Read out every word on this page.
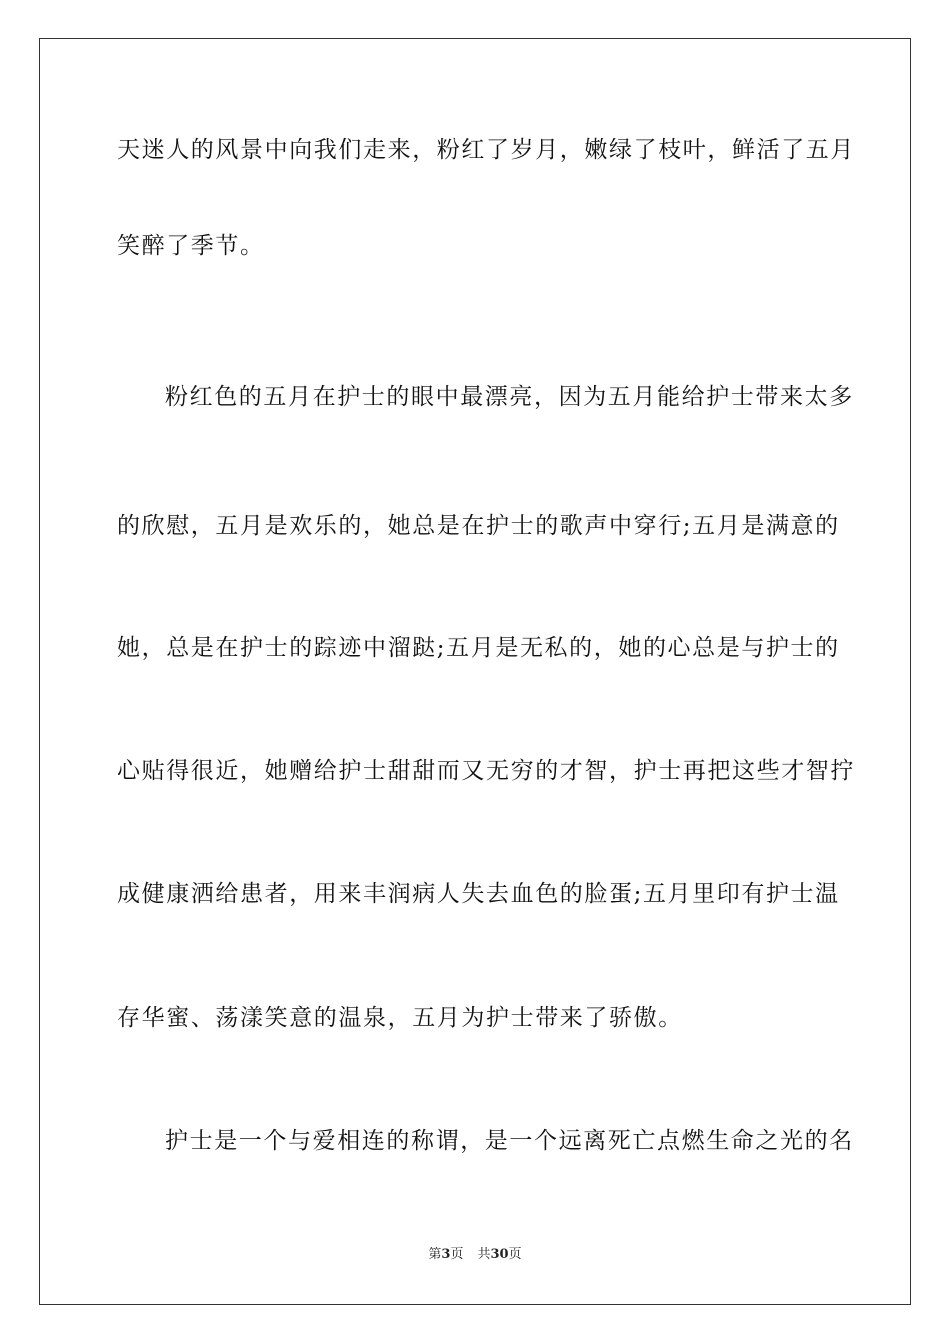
天迷人的风景中向我们走来，粉红了岁月，嫩绿了枝叶，鲜活了五月
笑醉了季节。
粉红色的五月在护士的眼中最漂亮，因为五月能给护士带来太多
的欣慰，五月是欢乐的，她总是在护士的歌声中穿行;五月是满意的
她，总是在护士的踪迹中溜跶;五月是无私的，她的心总是与护士的
心贴得很近，她赠给护士甜甜而又无穷的才智，护士再把这些才智拧
成健康洒给患者，用来丰润病人失去血色的脸蛋;五月里印有护士温
存华蜜、荡漾笑意的温泉，五月为护士带来了骄傲。
护士是一个与爱相连的称谓，是一个远离死亡点燃生命之光的名
第3页 共30页
